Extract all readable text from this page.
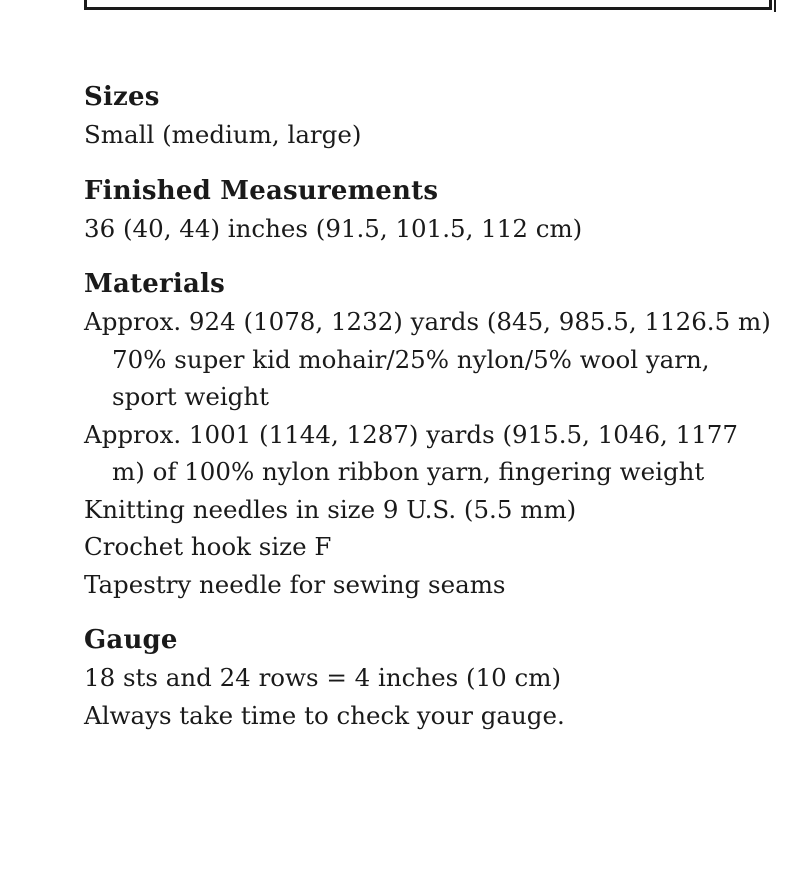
Sizes
Small (medium, large)
Finished Measurements
36 (40, 44) inches (91.5, 101.5, 112 cm)
Materials
Approx. 924 (1078, 1232) yards (845, 985.5, 1126.5 m) 70% super kid mohair/25% nylon/5% wool yarn, sport weight
Approx. 1001 (1144, 1287) yards (915.5, 1046, 1177 m) of 100% nylon ribbon yarn, fingering weight
Knitting needles in size 9 U.S. (5.5 mm)
Crochet hook size F
Tapestry needle for sewing seams
Gauge
18 sts and 24 rows = 4 inches (10 cm)
Always take time to check your gauge.
